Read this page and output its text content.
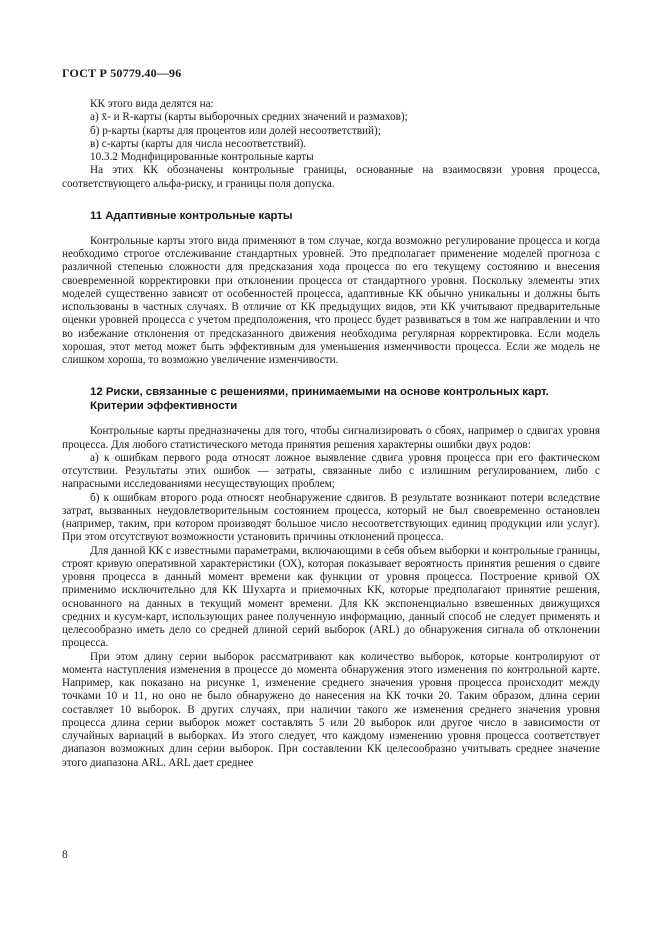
ГОСТ Р 50779.40—96

КК этого вида делятся на:

а) x̄- и R-карты (карты выборочных средних значений и размахов);

б) p-карты (карты для процентов или долей несоответствий);

в) c-карты (карты для числа несоответствий).

10.3.2 Модифицированные контрольные карты

На этих КК обозначены контрольные границы, основанные на взаимосвязи уровня процесса, соответствующего альфа-риску, и границы поля допуска.

11 Адаптивные контрольные карты

Контрольные карты этого вида применяют в том случае, когда возможно регулирование процесса и когда необходимо строгое отслеживание стандартных уровней. Это предполагает применение моделей прогноза с различной степенью сложности для предсказания хода процесса по его текущему состоянию и внесения своевременной корректировки при отклонении процесса от стандартного уровня. Поскольку элементы этих моделей существенно зависят от особенностей процесса, адаптивные КК обычно уникальны и должны быть использованы в частных случаях. В отличие от КК предыдущих видов, эти КК учитывают предварительные оценки уровней процесса с учетом предположения, что процесс будет развиваться в том же направлении и что во избежание отклонения от предсказанного движения необходима регулярная корректировка. Если модель хорошая, этот метод может быть эффективным для уменьшения изменчивости процесса. Если же модель не слишком хороша, то возможно увеличение изменчивости.

12 Риски, связанные с решениями, принимаемыми на основе контрольных карт.
Критерии эффективности

Контрольные карты предназначены для того, чтобы сигнализировать о сбоях, например о сдвигах уровня процесса. Для любого статистического метода принятия решения характерны ошибки двух родов:

а) к ошибкам первого рода относят ложное выявление сдвига уровня процесса при его фактическом отсутствии. Результаты этих ошибок — затраты, связанные либо с излишним регулированием, либо с напрасными исследованиями несуществующих проблем;

б) к ошибкам второго рода относят необнаружение сдвигов. В результате возникают потери вследствие затрат, вызванных неудовлетворительным состоянием процесса, который не был своевременно остановлен (например, таким, при котором производят большое число несоответствующих единиц продукции или услуг). При этом отсутствуют возможности установить причины отклонений процесса.

Для данной КК с известными параметрами, включающими в себя объем выборки и контрольные границы, строят кривую оперативной характеристики (ОХ), которая показывает вероятность принятия решения о сдвиге уровня процесса в данный момент времени как функции от уровня процесса. Построение кривой ОХ применимо исключительно для КК Шухарта и приемочных КК, которые предполагают принятие решения, основанного на данных в текущий момент времени. Для КК экспоненциально взвешенных движущихся средних и кусум-карт, использующих ранее полученную информацию, данный способ не следует применять и целесообразно иметь дело со средней длиной серий выборок (ARL) до обнаружения сигнала об отклонении процесса.

При этом длину серии выборок рассматривают как количество выборок, которые контролируют от момента наступления изменения в процессе до момента обнаружения этого изменения по контрольной карте. Например, как показано на рисунке 1, изменение среднего значения уровня процесса происходит между точками 10 и 11, но оно не было обнаружено до нанесения на КК точки 20. Таким образом, длина серии составляет 10 выборок. В других случаях, при наличии такого же изменения среднего значения уровня процесса длина серии выборок может составлять 5 или 20 выборок или другое число в зависимости от случайных вариаций в выборках. Из этого следует, что каждому изменению уровня процесса соответствует диапазон возможных длин серии выборок. При составлении КК целесообразно учитывать среднее значение этого диапазона ARL. ARL дает среднее

8
